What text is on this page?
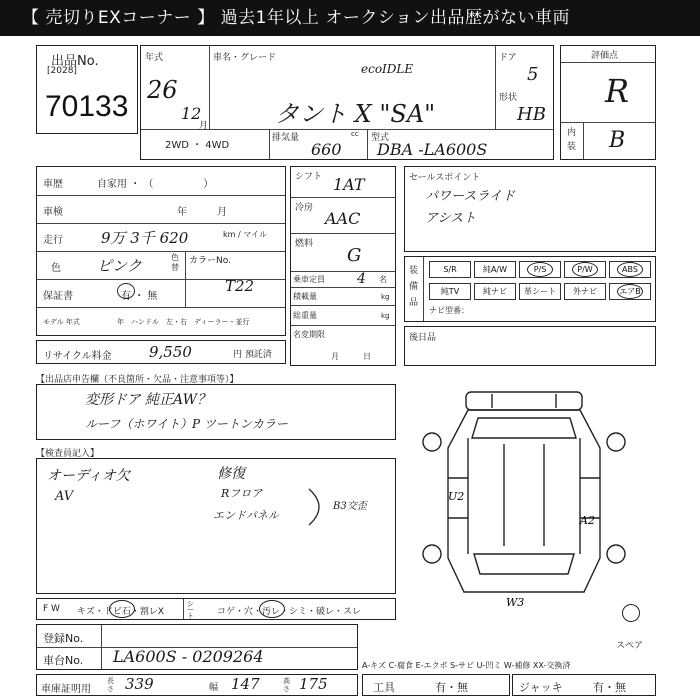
【 売切りEXコーナー 】 過去1年以上 オークション出品歴がない車両
出品No.
[2028]
70133
年式
26
12
月
車名・グレード
ecoIDLE
タント X "SA"
ドア
5
形状
HB
2WD ・ 4WD
排気量	cc
660
型式
DBA -LA600S
評価点
R
内装 B
車歴	自家用 ・ （　　　　　）
車検	年　　　月
走行	9万 3千 620	km / マイル
色 ピンク	色替
カラーNo.
T22
保証書	有 ・ 無
モデル 年式	年　ハンドル　左・右　ディーラー・並行
リサイクル料金 9,550	円 預託済
シフト 1AT
冷房
AAC
燃料
G
乗車定員 4 名
積載量	kg
総重量	kg
名変期限
月　　　日
セールスポイント
パワースライド
アシスト
装備品
ナビ型番：
S/R	純A/W	P/S	P/W	ABS
純TV	純ナビ	革シート	外ナビ	エアB
後日品
【出品店申告欄（不良箇所・欠品・注意事項等）】
変形ドア 純正AW？
ルーフ（ホワイト）P ツートンカラー
【検査員記入】
オーディオ欠
AV
修復
Rフロア
エンドパネル
B3交歪
U2
A2
W3
スペア
F W キズ・ドビ石・割レX
シート	コゲ・穴・汚レ・シミ・破レ・スレ
登録No.
車台No. LA600S - 0209264	A-キズ C-腐食 E-エクボ S-サビ U-凹ミ W-補修 XX-交換済
車庫証明用
長さ 339	幅 147	高さ 175	工具	有・無	ジャッキ	有・無
